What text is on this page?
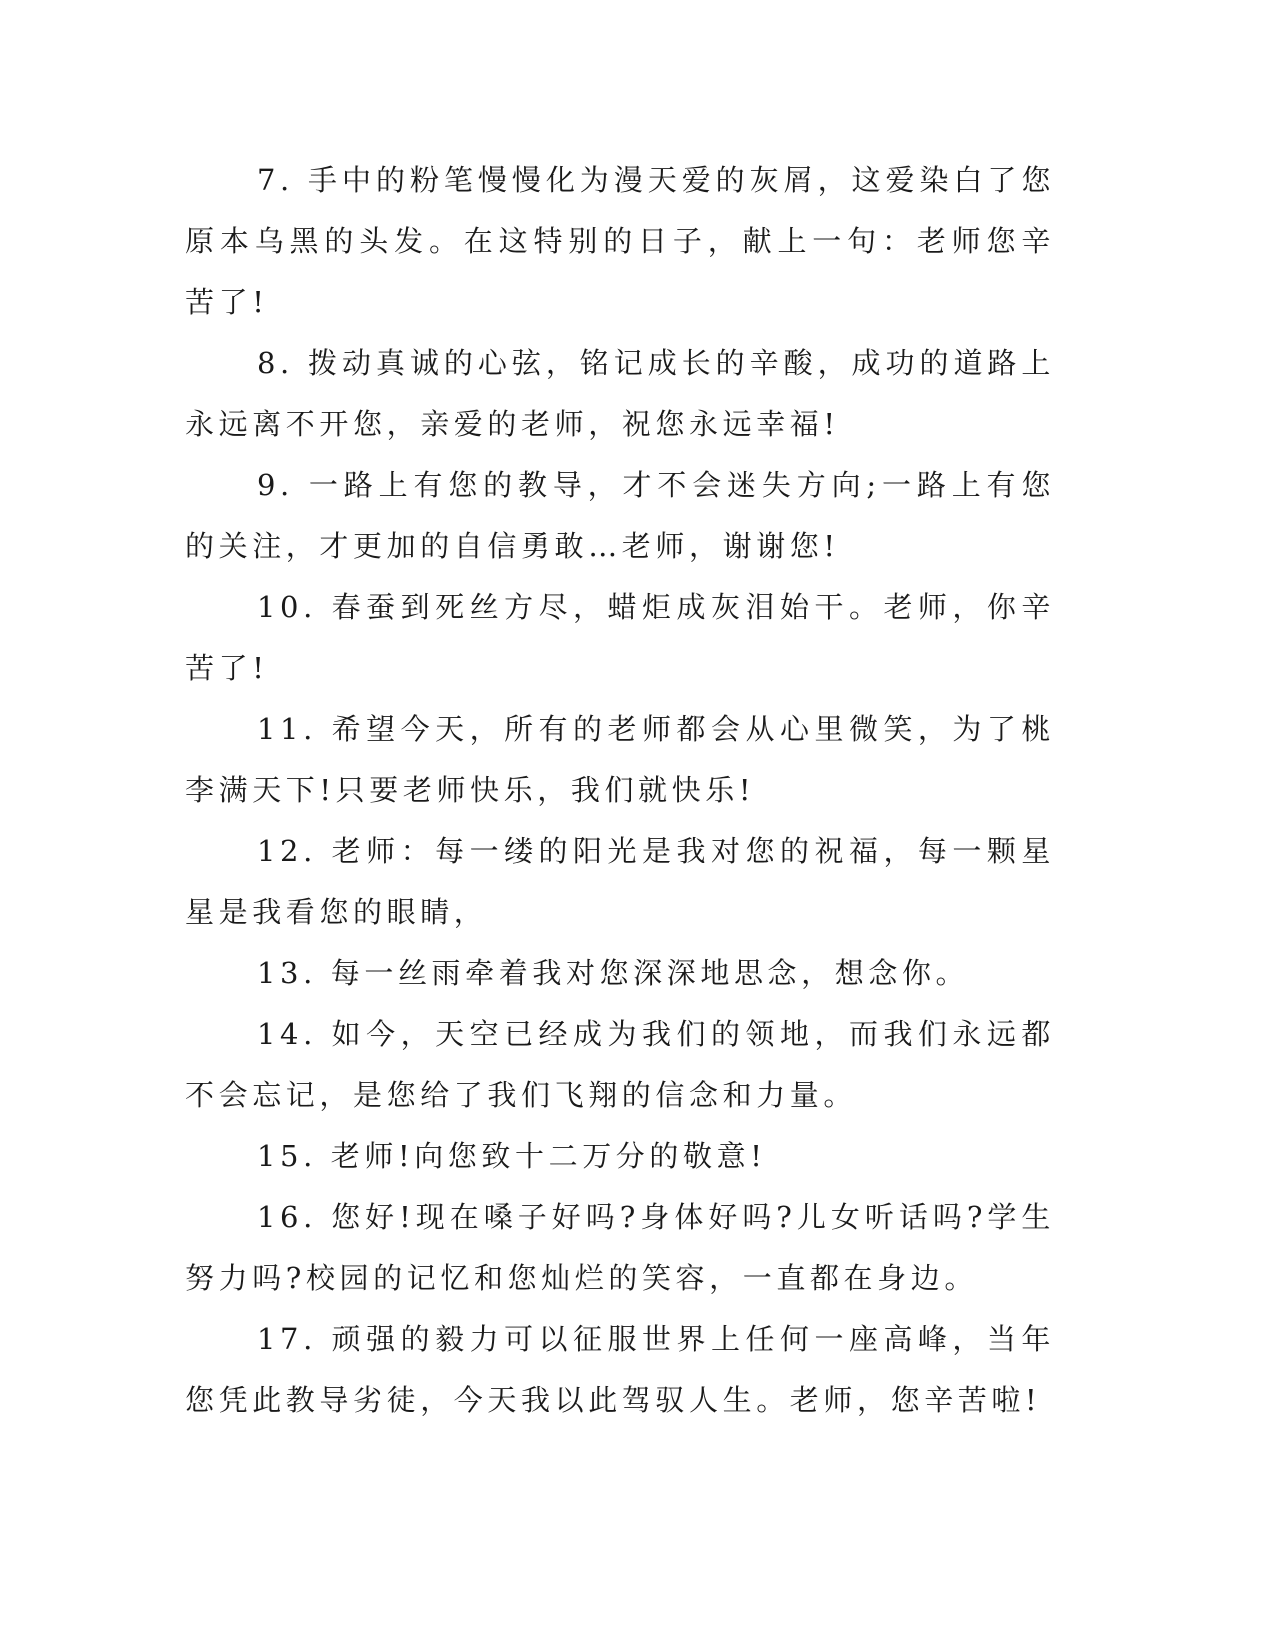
7. 手中的粉笔慢慢化为漫天爱的灰屑，这爱染白了您原本乌黑的头发。在这特别的日子，献上一句：老师您辛苦了!

8. 拨动真诚的心弦，铭记成长的辛酸，成功的道路上永远离不开您，亲爱的老师，祝您永远幸福!

9. 一路上有您的教导，才不会迷失方向;一路上有您的关注，才更加的自信勇敢…老师，谢谢您!

10. 春蚕到死丝方尽，蜡炬成灰泪始干。老师，你辛苦了!

11. 希望今天，所有的老师都会从心里微笑，为了桃李满天下!只要老师快乐，我们就快乐!

12. 老师：每一缕的阳光是我对您的祝福，每一颗星星是我看您的眼睛，

13. 每一丝雨牵着我对您深深地思念，想念你。

14. 如今，天空已经成为我们的领地，而我们永远都不会忘记，是您给了我们飞翔的信念和力量。

15. 老师!向您致十二万分的敬意!

16. 您好!现在嗓子好吗?身体好吗?儿女听话吗?学生努力吗?校园的记忆和您灿烂的笑容，一直都在身边。

17. 顽强的毅力可以征服世界上任何一座高峰，当年您凭此教导劣徒，今天我以此驾驭人生。老师，您辛苦啦!
